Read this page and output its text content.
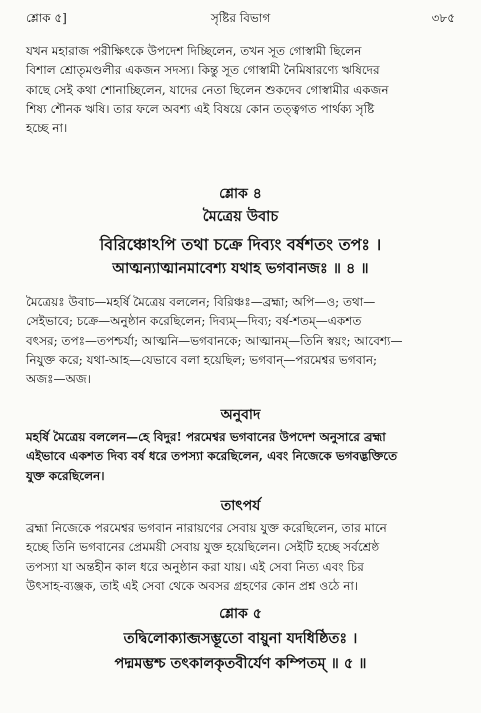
শ্লোক ৫]	সৃষ্টির বিভাগ	৩৮৫
যখন মহারাজ পরীক্ষিৎকে উপদেশ দিচ্ছিলেন, তখন সূত গোস্বামী ছিলেন
বিশাল শ্রোতৃমণ্ডলীর একজন সদস্য। কিন্তু সূত গোস্বামী নৈমিষারণ্যে ঋষিদের
কাছে সেই কথা শোনাচ্ছিলেন, যাদের নেতা ছিলেন শুকদেব গোস্বামীর একজন
শিষ্য শৌনক ঋষি। তার ফলে অবশ্য এই বিষয়ে কোন তত্ত্বগত পার্থক্য সৃষ্টি
হচ্ছে না।
শ্লোক ৪
মৈত্রেয় উবাচ
বিরিঞ্চোঽপি তথা চক্রে দিব্যং বর্ষশতং তপঃ ।
আত্মন্যাত্মানমাবেশ্য যথাহ ভগবানজঃ ॥ ৪ ॥
মৈত্রেয়ঃ উবাচ—মহর্ষি মৈত্রেয় বললেন; বিরিঞ্চঃ—ব্রহ্মা; অপি—ও; তথা—
সেইভাবে; চক্রে—অনুষ্ঠান করেছিলেন; দিব্যম্—দিব্য; বর্ষ-শতম্—একশত
বৎসর; তপঃ—তপশ্চর্যা; আত্মনি—ভগবানকে; আত্মানম্—তিনি স্বয়ং; আবেশ্য—
নিযুক্ত করে; যথা-আহ—যেভাবে বলা হয়েছিল; ভগবান্—পরমেশ্বর ভগবান;
অজঃ—অজ।
অনুবাদ
মহর্ষি মৈত্রেয় বললেন—হে বিদুর! পরমেশ্বর ভগবানের উপদেশ অনুসারে ব্রহ্মা
এইভাবে একশত দিব্য বর্ষ ধরে তপস্যা করেছিলেন, এবং নিজেকে ভগবদ্ভক্তিতে
যুক্ত করেছিলেন।
তাৎপর্য
ব্রহ্মা নিজেকে পরমেশ্বর ভগবান নারায়ণের সেবায় যুক্ত করেছিলেন, তার মানে
হচ্ছে তিনি ভগবানের প্রেমময়ী সেবায় যুক্ত হয়েছিলেন। সেইটি হচ্ছে সর্বশ্রেষ্ঠ
তপস্যা যা অন্তহীন কাল ধরে অনুষ্ঠান করা যায়। এই সেবা নিত্য এবং চির
উৎসাহ-ব্যঞ্জক, তাই এই সেবা থেকে অবসর গ্রহণের কোন প্রশ্ন ওঠে না।
শ্লোক ৫
তদ্বিলোক্যাব্জসম্ভূতো বায়ুনা যদধিষ্ঠিতঃ ।
পদ্মমম্ভশ্চ তৎকালকৃতবীর্যেণ কম্পিতম্ ॥ ৫ ॥
